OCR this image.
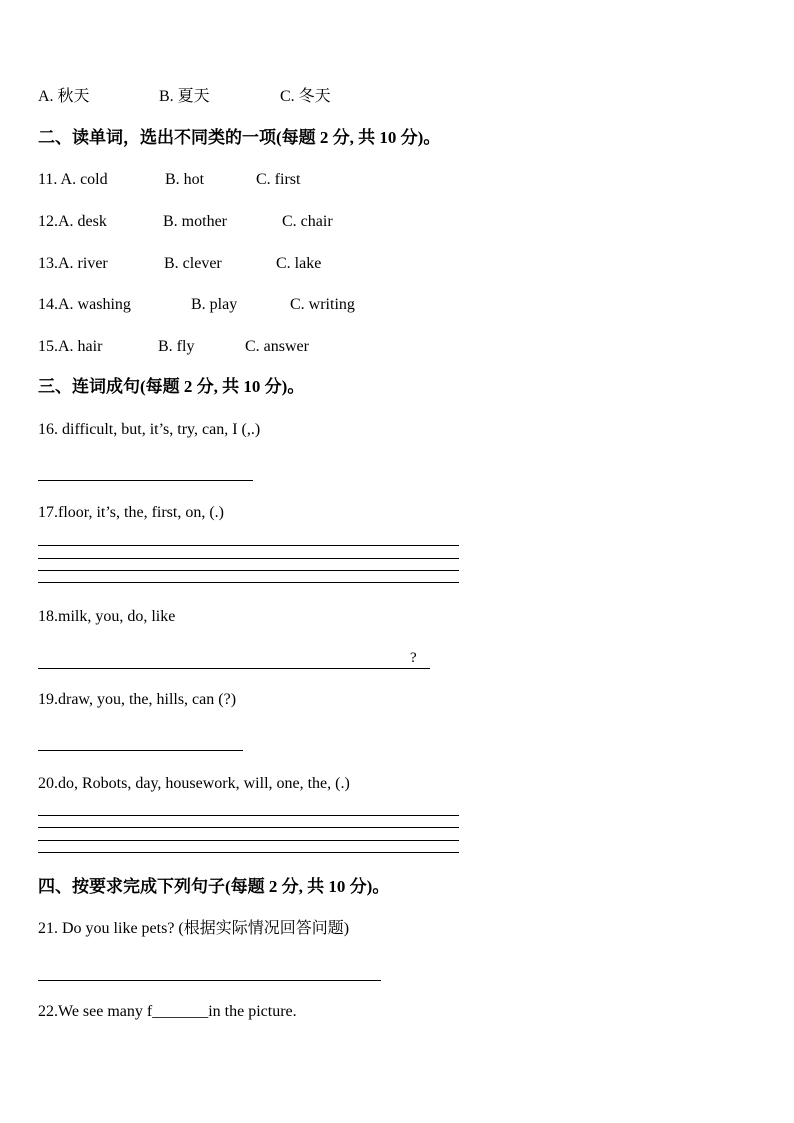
A. 秋天	B. 夏天	C. 冬天
二、读单词，选出不同类的一项(每题 2 分, 共 10 分)。
11. A. cold	B. hot	C. first
12.A. desk	B. mother	C. chair
13.A. river	B. clever	C. lake
14.A. washing	B. play	C. writing
15.A. hair	B. fly	C. answer
三、连词成句(每题 2 分, 共 10 分)。
16. difficult, but, it’s, try, can, I (,.)
17.floor, it’s, the, first, on, (.)
18.milk, you, do, like
?
19.draw, you, the, hills, can (?)
20.do, Robots, day, housework, will, one, the, (.)
四、按要求完成下列句子(每题 2 分, 共 10 分)。
21. Do you like pets? (根据实际情况回答问题)
22.We see many f_______in the picture.
